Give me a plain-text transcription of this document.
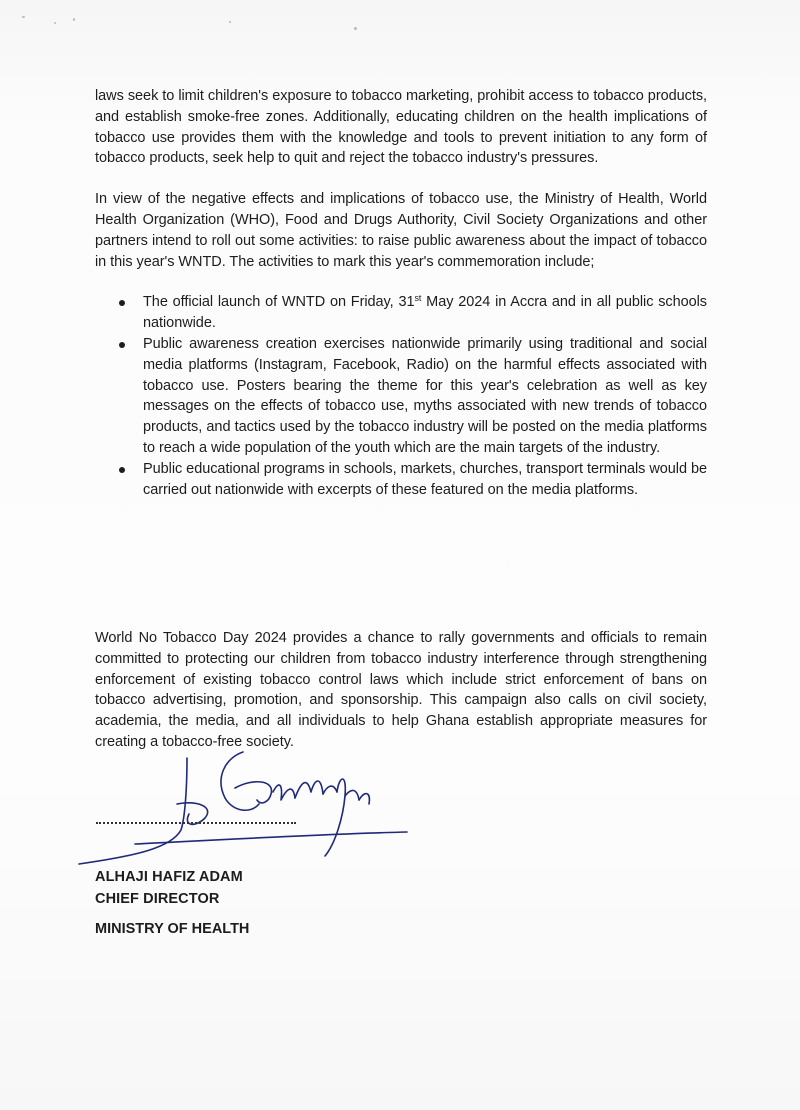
laws seek to limit children's exposure to tobacco marketing, prohibit access to tobacco products, and establish smoke-free zones. Additionally, educating children on the health implications of tobacco use provides them with the knowledge and tools to prevent initiation to any form of tobacco products, seek help to quit and reject the tobacco industry's pressures.

In view of the negative effects and implications of tobacco use, the Ministry of Health, World Health Organization (WHO), Food and Drugs Authority, Civil Society Organizations and other partners intend to roll out some activities: to raise public awareness about the impact of tobacco in this year's WNTD. The activities to mark this year's commemoration include;

The official launch of WNTD on Friday, 31st May 2024 in Accra and in all public schools nationwide.
Public awareness creation exercises nationwide primarily using traditional and social media platforms (Instagram, Facebook, Radio) on the harmful effects associated with tobacco use. Posters bearing the theme for this year's celebration as well as key messages on the effects of tobacco use, myths associated with new trends of tobacco products, and tactics used by the tobacco industry will be posted on the media platforms to reach a wide population of the youth which are the main targets of the industry.
Public educational programs in schools, markets, churches, transport terminals would be carried out nationwide with excerpts of these featured on the media platforms.

World No Tobacco Day 2024 provides a chance to rally governments and officials to remain committed to protecting our children from tobacco industry interference through strengthening enforcement of existing tobacco control laws which include strict enforcement of bans on tobacco advertising, promotion, and sponsorship. This campaign also calls on civil society, academia, the media, and all individuals to help Ghana establish appropriate measures for creating a tobacco-free society.

ALHAJI HAFIZ ADAM
CHIEF DIRECTOR
MINISTRY OF HEALTH
